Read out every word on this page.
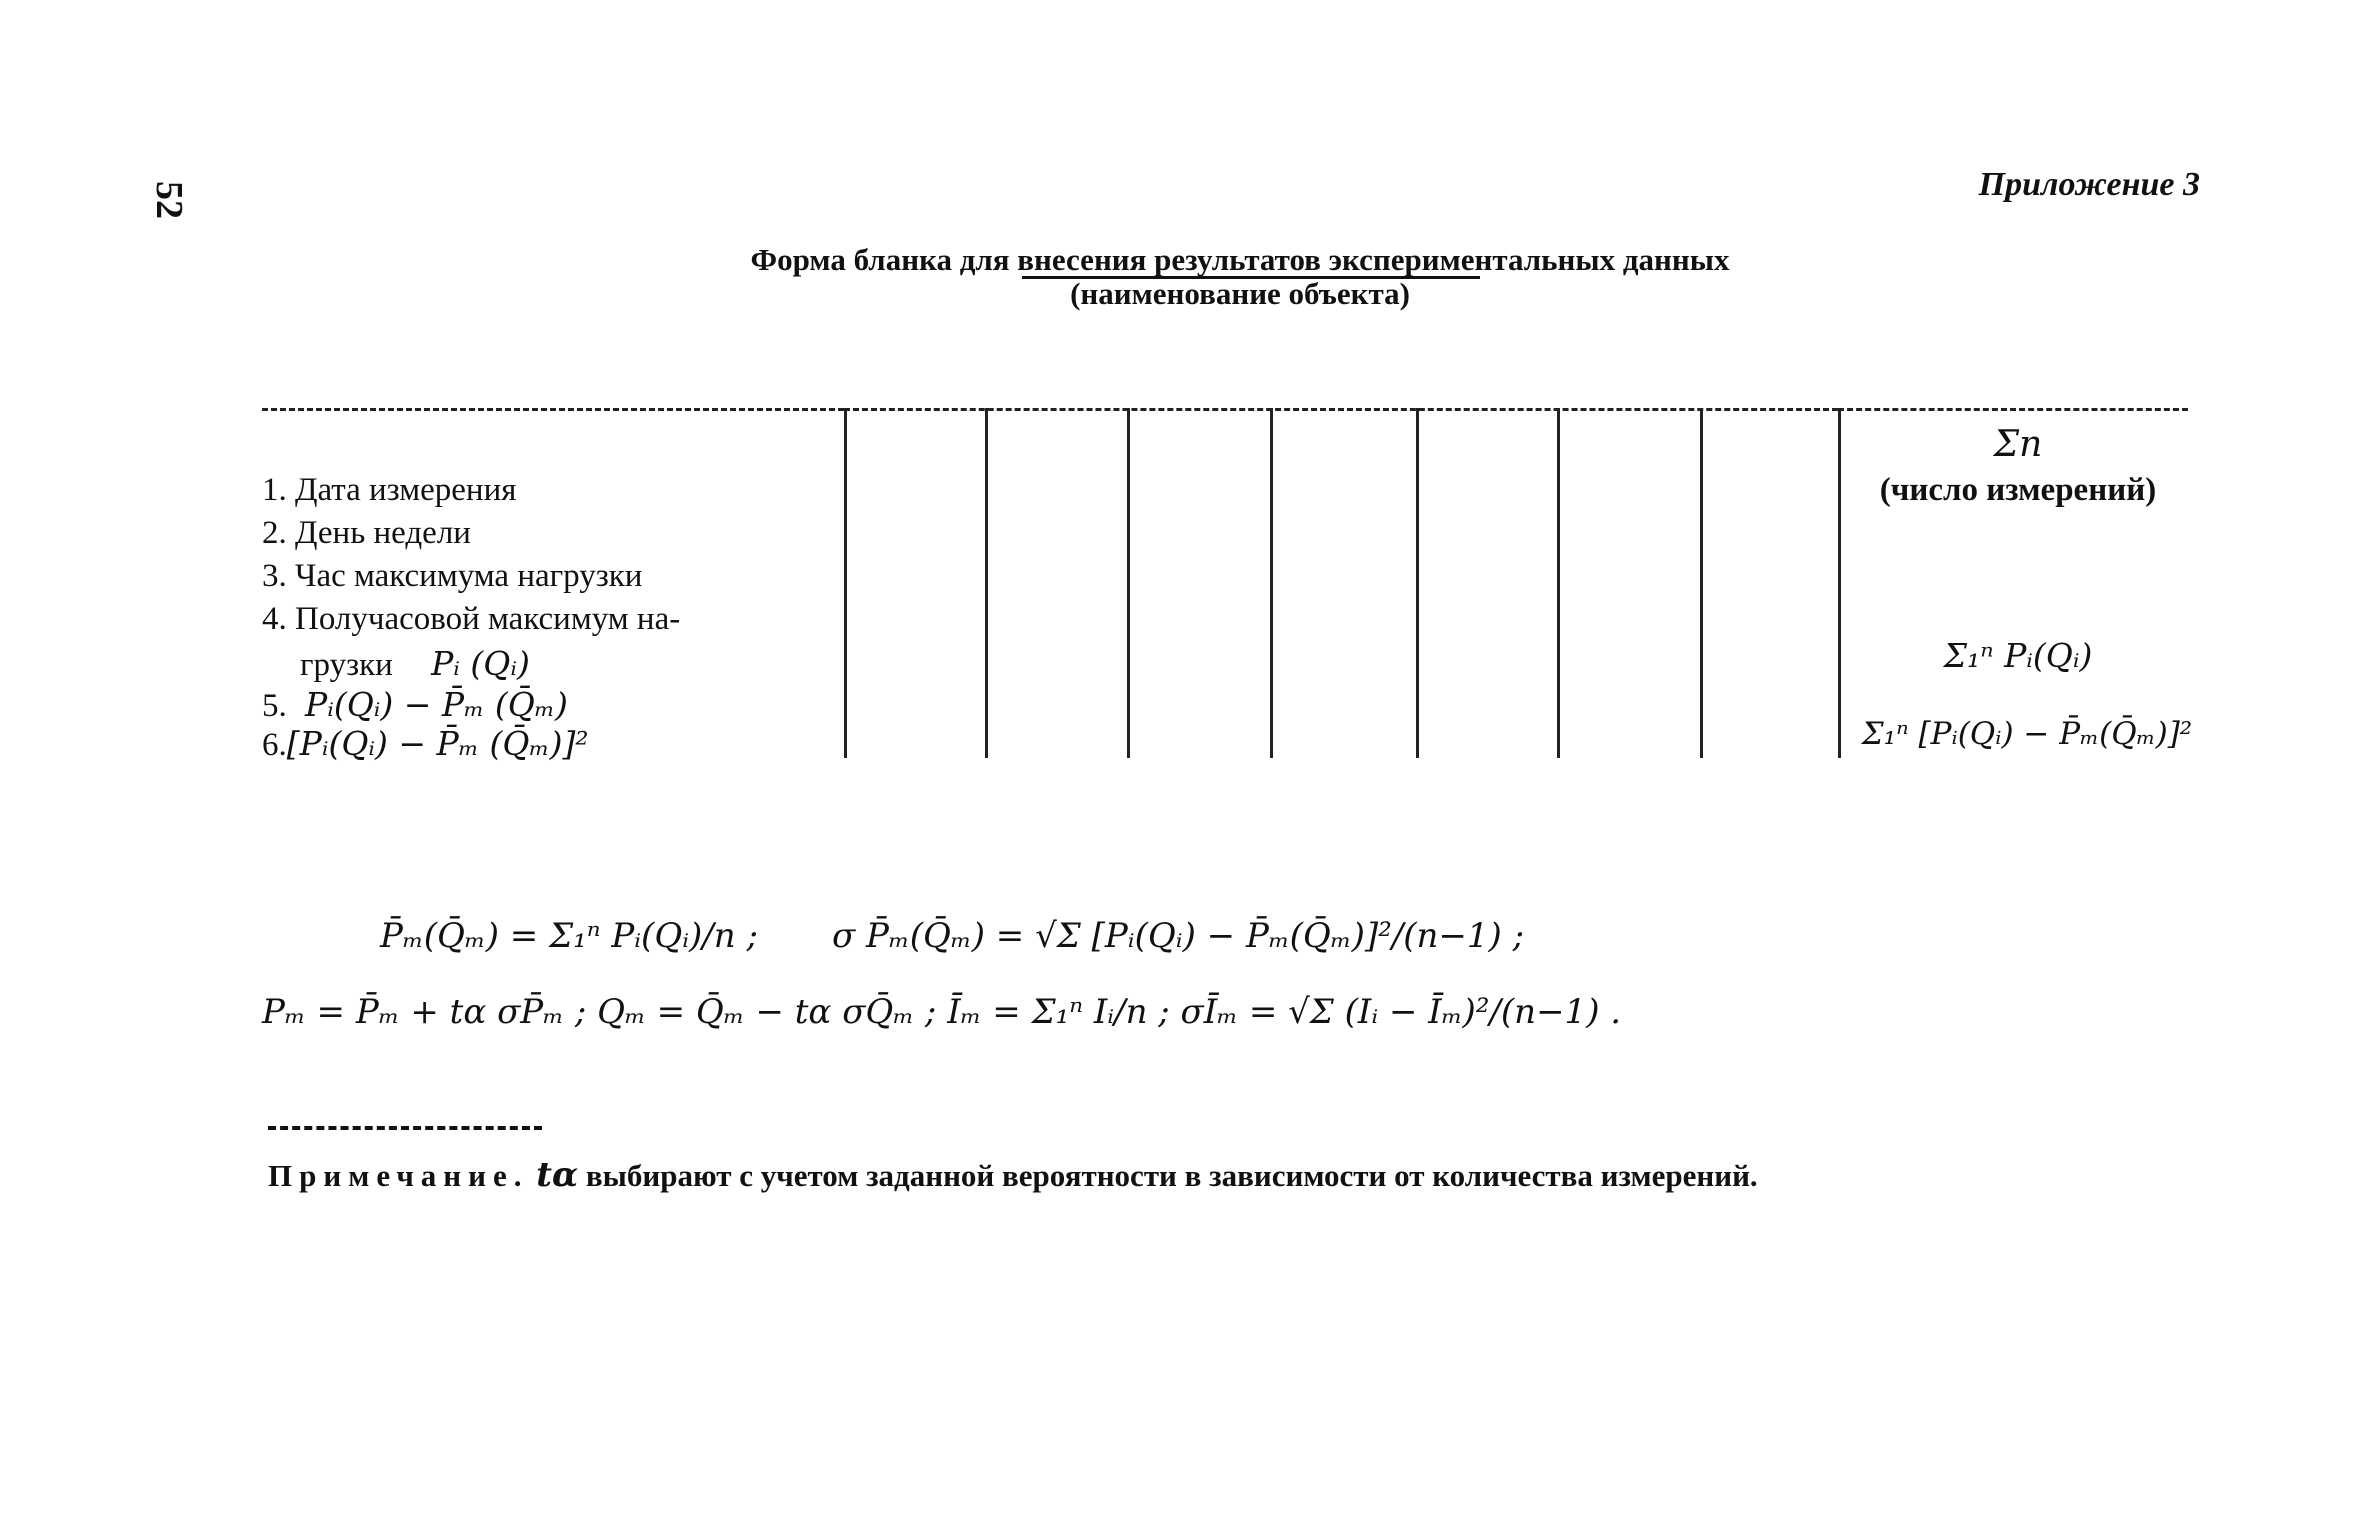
52	Приложение 3
Форма бланка для внесения результатов экспериментальных данных
(наименование объекта)
1. Дата измерения
2. День недели
3. Час максимума нагрузки
4. Получасовой максимум на-
грузки Pᵢ (Qᵢ)
5. Pᵢ(Qᵢ) − P̄ₘ (Q̄ₘ)
6.[Pᵢ(Qᵢ) − P̄ₘ (Q̄ₘ)]²
Σn
(число измерений)
Σ₁ⁿ Pᵢ(Qᵢ)
Σ₁ⁿ [Pᵢ(Qᵢ) − P̄ₘ(Q̄ₘ)]²
P̄ₘ(Q̄ₘ) = Σ₁ⁿ Pᵢ(Qᵢ)/n ; σ P̄ₘ(Q̄ₘ) = √Σ [Pᵢ(Qᵢ) − P̄ₘ(Q̄ₘ)]²/(n−1) ;
Pₘ = P̄ₘ + tα σP̄ₘ ; Qₘ = Q̄ₘ − tα σQ̄ₘ ; Īₘ = Σ₁ⁿ Iᵢ/n ; σĪₘ = √Σ (Iᵢ − Īₘ)²/(n−1) .
Примечание. tα выбирают с учетом заданной вероятности в зависимости от количества измерений.
